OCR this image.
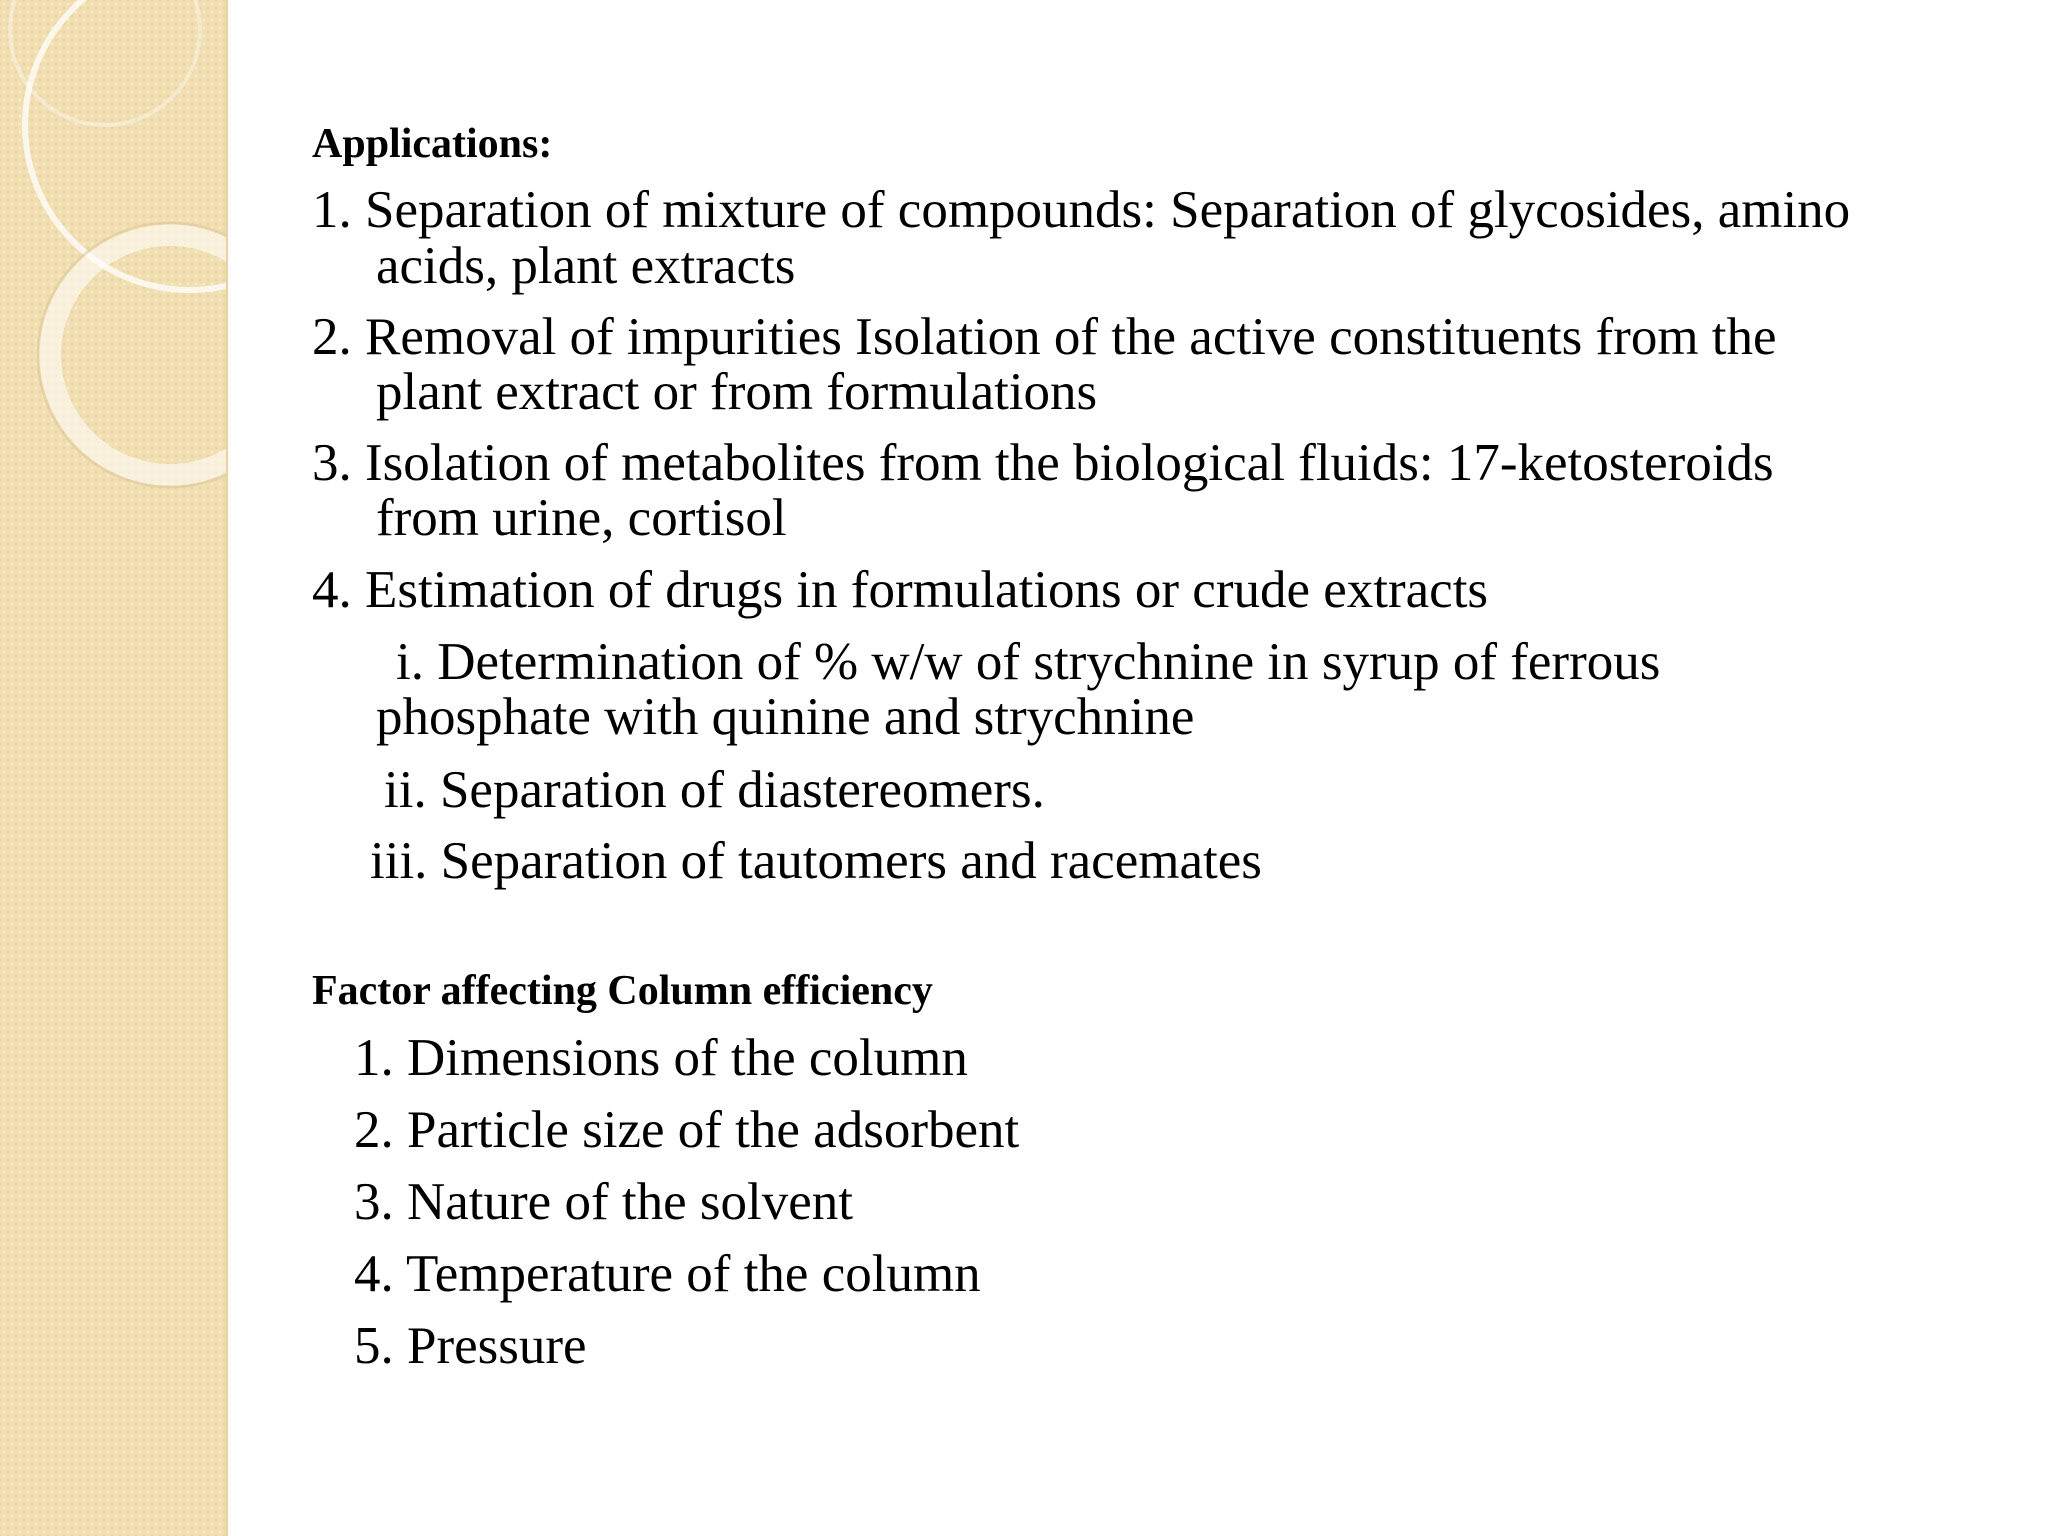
Applications:
1. Separation of mixture of compounds: Separation of glycosides, amino
acids, plant extracts
2. Removal of impurities Isolation of the active constituents from the
plant extract or from formulations
3. Isolation of metabolites from the biological fluids: 17-ketosteroids
from urine, cortisol
4. Estimation of drugs in formulations or crude extracts
i. Determination of % w/w of strychnine in syrup of ferrous
phosphate with quinine and strychnine
ii. Separation of diastereomers.
iii. Separation of tautomers and racemates
Factor affecting Column efficiency
1. Dimensions of the column
2. Particle size of the adsorbent
3. Nature of the solvent
4. Temperature of the column
5. Pressure
